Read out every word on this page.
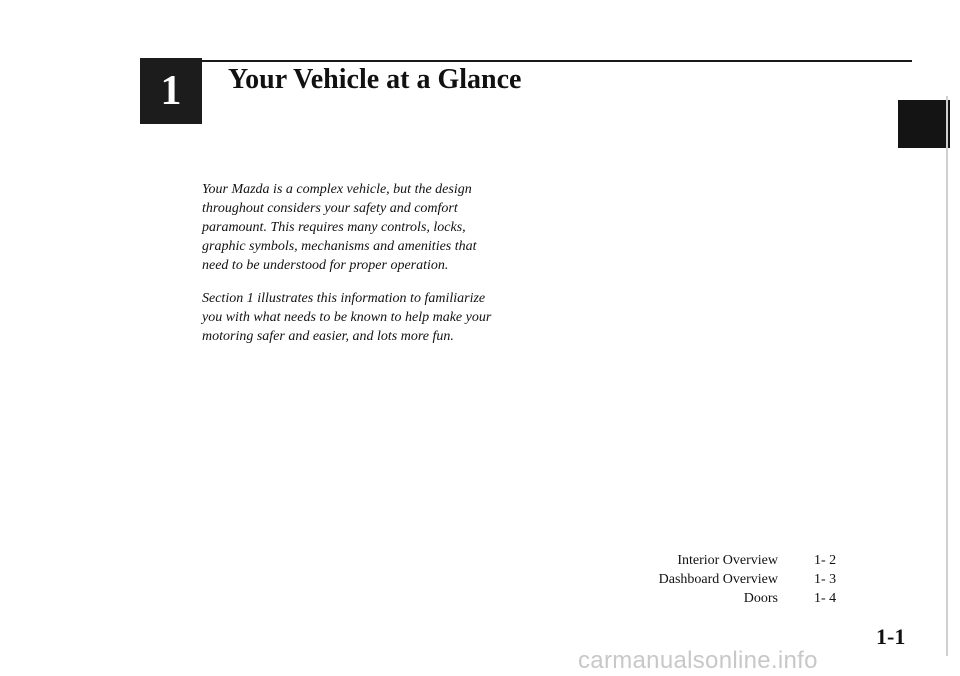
1 Your Vehicle at a Glance

Your Mazda is a complex vehicle, but the design throughout considers your safety and comfort paramount. This requires many controls, locks, graphic symbols, mechanisms and amenities that need to be understood for proper operation.

Section 1 illustrates this information to familiarize you with what needs to be known to help make your motoring safer and easier, and lots more fun.

Interior Overview	1- 2
Dashboard Overview	1- 3
Doors	1- 4
1-1
carmanualsonline.info
